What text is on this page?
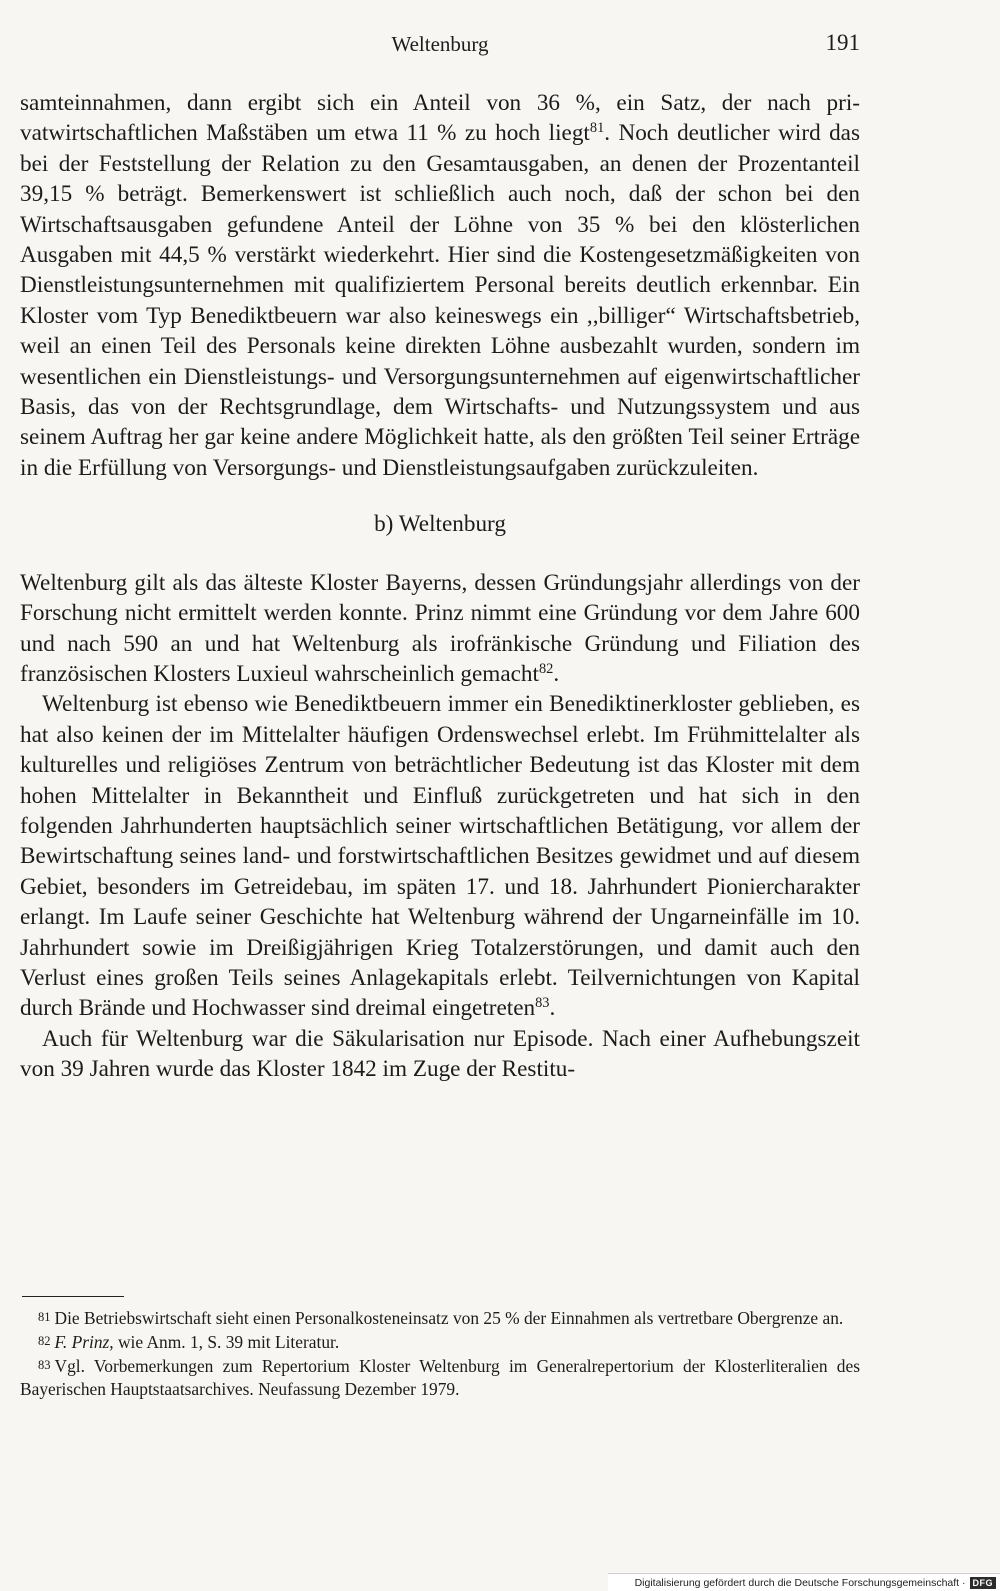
Weltenburg	191

samteinnahmen, dann ergibt sich ein Anteil von 36 %, ein Satz, der nach privatwirtschaftlichen Maßstäben um etwa 11 % zu hoch liegt$^{81}$. Noch deutlicher wird das bei der Feststellung der Relation zu den Gesamtausgaben, an denen der Prozentanteil 39,15 % beträgt. Bemerkenswert ist schließlich auch noch, daß der schon bei den Wirtschaftsausgaben gefundene Anteil der Löhne von 35 % bei den klösterlichen Ausgaben mit 44,5 % verstärkt wiederkehrt. Hier sind die Kostengesetzmäßigkeiten von Dienstleistungsunternehmen mit qualifiziertem Personal bereits deutlich erkennbar. Ein Kloster vom Typ Benediktbeuern war also keineswegs ein ,,billiger“ Wirtschaftsbetrieb, weil an einen Teil des Personals keine direkten Löhne ausbezahlt wurden, sondern im wesentlichen ein Dienstleistungs- und Versorgungsunternehmen auf eigenwirtschaftlicher Basis, das von der Rechtsgrundlage, dem Wirtschafts- und Nutzungssystem und aus seinem Auftrag her gar keine andere Möglichkeit hatte, als den größten Teil seiner Erträge in die Erfüllung von Versorgungs- und Dienstleistungsaufgaben zurückzuleiten.

b) Weltenburg

Weltenburg gilt als das älteste Kloster Bayerns, dessen Gründungsjahr allerdings von der Forschung nicht ermittelt werden konnte. Prinz nimmt eine Gründung vor dem Jahre 600 und nach 590 an und hat Weltenburg als irofränkische Gründung und Filiation des französischen Klosters Luxieul wahrscheinlich gemacht$^{82}$.

Weltenburg ist ebenso wie Benediktbeuern immer ein Benediktinerkloster geblieben, es hat also keinen der im Mittelalter häufigen Ordenswechsel erlebt. Im Frühmittelalter als kulturelles und religiöses Zentrum von beträchtlicher Bedeutung ist das Kloster mit dem hohen Mittelalter in Bekanntheit und Einfluß zurückgetreten und hat sich in den folgenden Jahrhunderten hauptsächlich seiner wirtschaftlichen Betätigung, vor allem der Bewirtschaftung seines land- und forstwirtschaftlichen Besitzes gewidmet und auf diesem Gebiet, besonders im Getreidebau, im späten 17. und 18. Jahrhundert Pioniercharakter erlangt. Im Laufe seiner Geschichte hat Weltenburg während der Ungarneinfälle im 10. Jahrhundert sowie im Dreißigjährigen Krieg Totalzerstörungen, und damit auch den Verlust eines großen Teils seines Anlagekapitals erlebt. Teilvernichtungen von Kapital durch Brände und Hochwasser sind dreimal eingetreten$^{83}$.

Auch für Weltenburg war die Säkularisation nur Episode. Nach einer Aufhebungszeit von 39 Jahren wurde das Kloster 1842 im Zuge der Restitu-

81 Die Betriebswirtschaft sieht einen Personalkosteneinsatz von 25 % der Einnahmen als vertretbare Obergrenze an.

82 F. Prinz, wie Anm. 1, S. 39 mit Literatur.

83 Vgl. Vorbemerkungen zum Repertorium Kloster Weltenburg im Generalrepertorium der Klosterliteralien des Bayerischen Hauptstaatsarchives. Neufassung Dezember 1979.

Digitalisierung gefördert durch die Deutsche Forschungsgemeinschaft · DFG
